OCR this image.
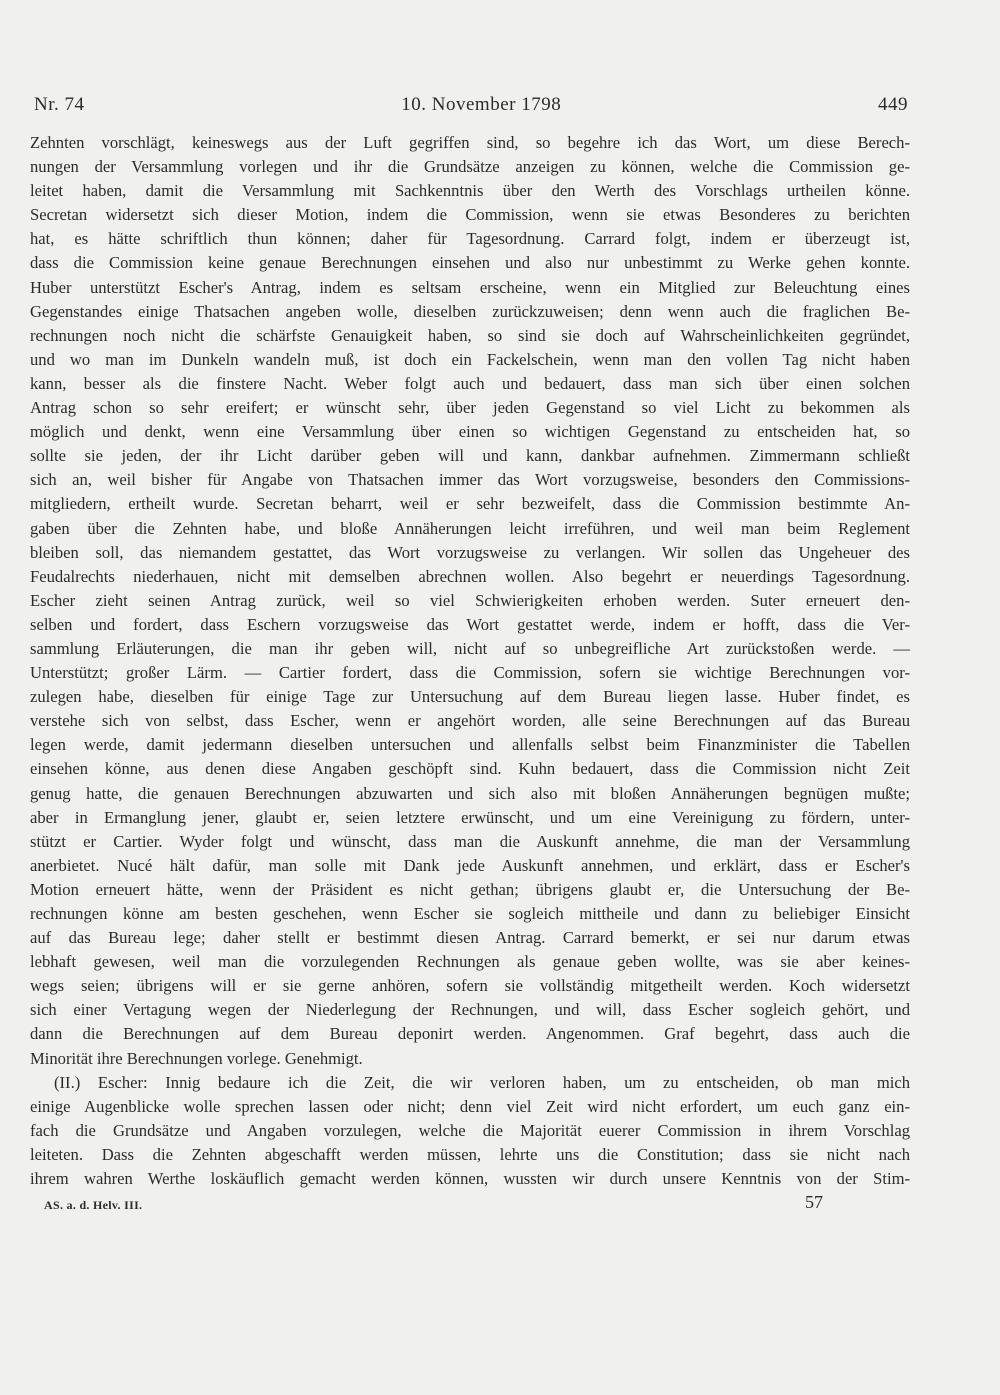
Nr. 74	10. November 1798	449
Zehnten vorschlägt, keineswegs aus der Luft gegriffen sind, so begehre ich das Wort, um diese Berech-
nungen der Versammlung vorlegen und ihr die Grundsätze anzeigen zu können, welche die Commission ge-
leitet haben, damit die Versammlung mit Sachkenntnis über den Werth des Vorschlags urtheilen könne.
Secretan widersetzt sich dieser Motion, indem die Commission, wenn sie etwas Besonderes zu berichten
hat, es hätte schriftlich thun können; daher für Tagesordnung. Carrard folgt, indem er überzeugt ist,
dass die Commission keine genaue Berechnungen einsehen und also nur unbestimmt zu Werke gehen konnte.
Huber unterstützt Escher's Antrag, indem es seltsam erscheine, wenn ein Mitglied zur Beleuchtung eines
Gegenstandes einige Thatsachen angeben wolle, dieselben zurückzuweisen; denn wenn auch die fraglichen Be-
rechnungen noch nicht die schärfste Genauigkeit haben, so sind sie doch auf Wahrscheinlichkeiten gegründet,
und wo man im Dunkeln wandeln muß, ist doch ein Fackelschein, wenn man den vollen Tag nicht haben
kann, besser als die finstere Nacht. Weber folgt auch und bedauert, dass man sich über einen solchen
Antrag schon so sehr ereifert; er wünscht sehr, über jeden Gegenstand so viel Licht zu bekommen als
möglich und denkt, wenn eine Versammlung über einen so wichtigen Gegenstand zu entscheiden hat, so
sollte sie jeden, der ihr Licht darüber geben will und kann, dankbar aufnehmen. Zimmermann schließt
sich an, weil bisher für Angabe von Thatsachen immer das Wort vorzugsweise, besonders den Commissions-
mitgliedern, ertheilt wurde. Secretan beharrt, weil er sehr bezweifelt, dass die Commission bestimmte An-
gaben über die Zehnten habe, und bloße Annäherungen leicht irreführen, und weil man beim Reglement
bleiben soll, das niemandem gestattet, das Wort vorzugsweise zu verlangen. Wir sollen das Ungeheuer des
Feudalrechts niederhauen, nicht mit demselben abrechnen wollen. Also begehrt er neuerdings Tagesordnung.
Escher zieht seinen Antrag zurück, weil so viel Schwierigkeiten erhoben werden. Suter erneuert den-
selben und fordert, dass Eschern vorzugsweise das Wort gestattet werde, indem er hofft, dass die Ver-
sammlung Erläuterungen, die man ihr geben will, nicht auf so unbegreifliche Art zurückstoßen werde. —
Unterstützt; großer Lärm. — Cartier fordert, dass die Commission, sofern sie wichtige Berechnungen vor-
zulegen habe, dieselben für einige Tage zur Untersuchung auf dem Bureau liegen lasse. Huber findet, es
verstehe sich von selbst, dass Escher, wenn er angehört worden, alle seine Berechnungen auf das Bureau
legen werde, damit jedermann dieselben untersuchen und allenfalls selbst beim Finanzminister die Tabellen
einsehen könne, aus denen diese Angaben geschöpft sind. Kuhn bedauert, dass die Commission nicht Zeit
genug hatte, die genauen Berechnungen abzuwarten und sich also mit bloßen Annäherungen begnügen mußte;
aber in Ermanglung jener, glaubt er, seien letztere erwünscht, und um eine Vereinigung zu fördern, unter-
stützt er Cartier. Wyder folgt und wünscht, dass man die Auskunft annehme, die man der Versammlung
anerbietet. Nucé hält dafür, man solle mit Dank jede Auskunft annehmen, und erklärt, dass er Escher's
Motion erneuert hätte, wenn der Präsident es nicht gethan; übrigens glaubt er, die Untersuchung der Be-
rechnungen könne am besten geschehen, wenn Escher sie sogleich mittheile und dann zu beliebiger Einsicht
auf das Bureau lege; daher stellt er bestimmt diesen Antrag. Carrard bemerkt, er sei nur darum etwas
lebhaft gewesen, weil man die vorzulegenden Rechnungen als genaue geben wollte, was sie aber keines-
wegs seien; übrigens will er sie gerne anhören, sofern sie vollständig mitgetheilt werden. Koch widersetzt
sich einer Vertagung wegen der Niederlegung der Rechnungen, und will, dass Escher sogleich gehört, und
dann die Berechnungen auf dem Bureau deponirt werden. Angenommen. Graf begehrt, dass auch die
Minorität ihre Berechnungen vorlege. Genehmigt.
(II.) Escher: Innig bedaure ich die Zeit, die wir verloren haben, um zu entscheiden, ob man mich
einige Augenblicke wolle sprechen lassen oder nicht; denn viel Zeit wird nicht erfordert, um euch ganz ein-
fach die Grundsätze und Angaben vorzulegen, welche die Majorität euerer Commission in ihrem Vorschlag
leiteten. Dass die Zehnten abgeschafft werden müssen, lehrte uns die Constitution; dass sie nicht nach
ihrem wahren Werthe loskäuflich gemacht werden können, wussten wir durch unsere Kenntnis von der Stim-
AS. a. d. Helv. III.	57
